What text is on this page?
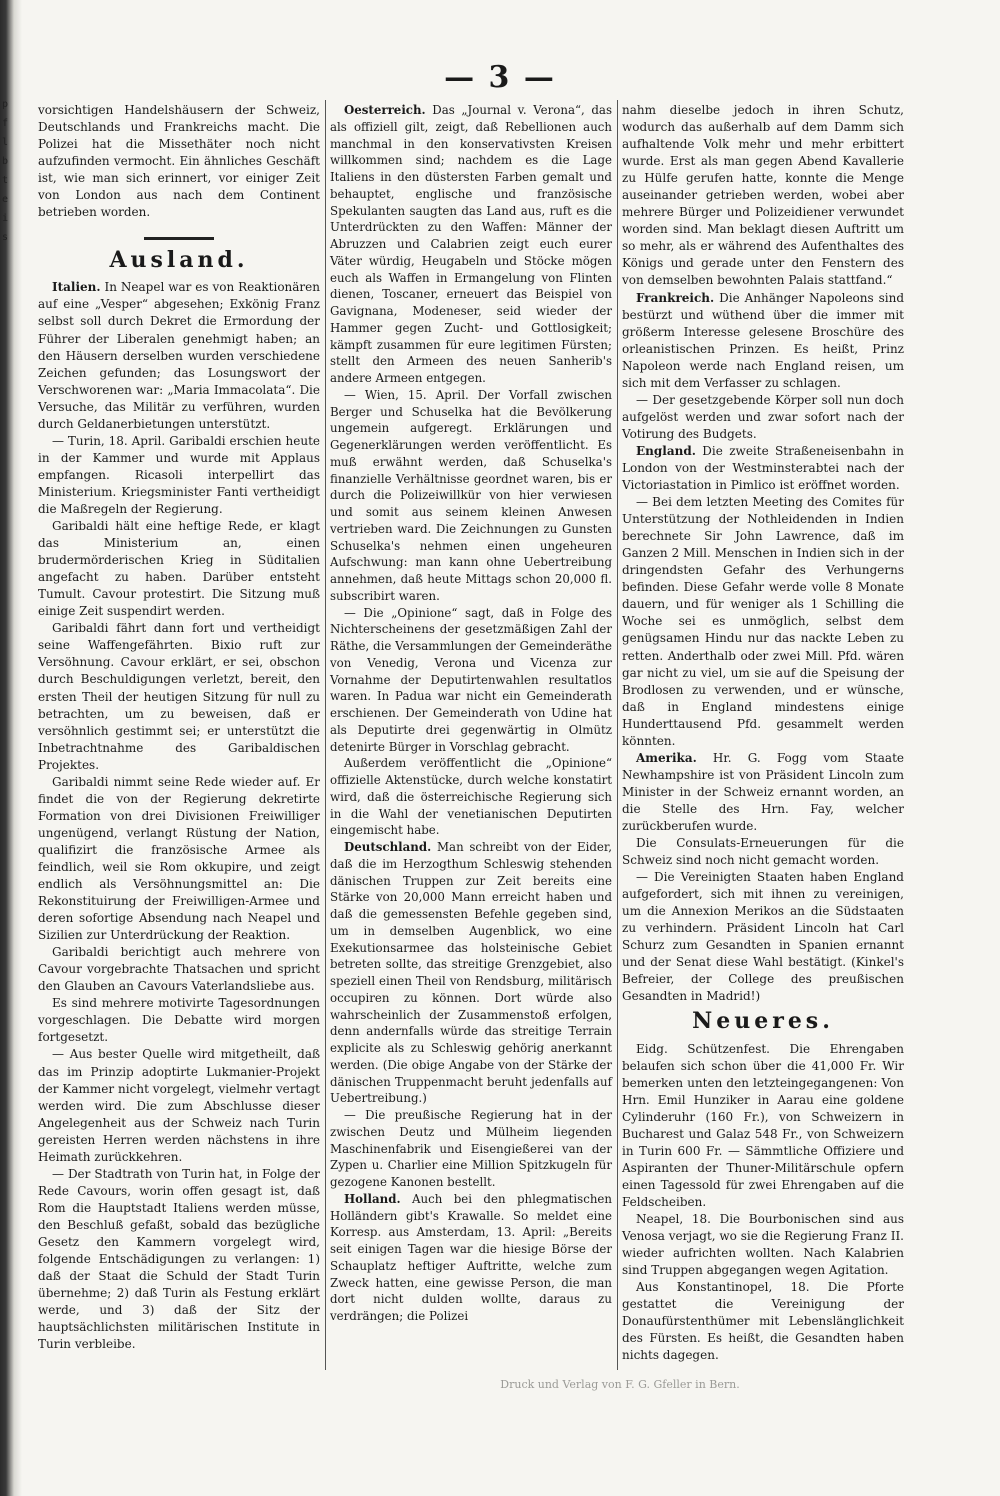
p f l b t e i s
— 3 —

vorsichtigen Handelshäusern der Schweiz, Deutschlands und Frankreichs macht. Die Polizei hat die Missethäter noch nicht aufzufinden vermocht. Ein ähnliches Geschäft ist, wie man sich erinnert, vor einiger Zeit von London aus nach dem Continent betrieben worden.

Ausland.

Italien. In Neapel war es von Reaktionären auf eine „Vesper“ abgesehen; Exkönig Franz selbst soll durch Dekret die Ermordung der Führer der Liberalen genehmigt haben; an den Häusern derselben wurden verschiedene Zeichen gefunden; das Losungswort der Verschworenen war: „Maria Immacolata“. Die Versuche, das Militär zu verführen, wurden durch Geldanerbietungen unterstützt.

— Turin, 18. April. Garibaldi erschien heute in der Kammer und wurde mit Applaus empfangen. Ricasoli interpellirt das Ministerium. Kriegsminister Fanti vertheidigt die Maßregeln der Regierung.

Garibaldi hält eine heftige Rede, er klagt das Ministerium an, einen brudermörderischen Krieg in Süditalien angefacht zu haben. Darüber entsteht Tumult. Cavour protestirt. Die Sitzung muß einige Zeit suspendirt werden.

Garibaldi fährt dann fort und vertheidigt seine Waffengefährten. Bixio ruft zur Versöhnung. Cavour erklärt, er sei, obschon durch Beschuldigungen verletzt, bereit, den ersten Theil der heutigen Sitzung für null zu betrachten, um zu beweisen, daß er versöhnlich gestimmt sei; er unterstützt die Inbetrachtnahme des Garibaldischen Projektes.

Garibaldi nimmt seine Rede wieder auf. Er findet die von der Regierung dekretirte Formation von drei Divisionen Freiwilliger ungenügend, verlangt Rüstung der Nation, qualifizirt die französische Armee als feindlich, weil sie Rom okkupire, und zeigt endlich als Versöhnungsmittel an: Die Rekonstituirung der Freiwilligen-Armee und deren sofortige Absendung nach Neapel und Sizilien zur Unterdrückung der Reaktion.

Garibaldi berichtigt auch mehrere von Cavour vorgebrachte Thatsachen und spricht den Glauben an Cavours Vaterlandsliebe aus.

Es sind mehrere motivirte Tagesordnungen vorgeschlagen. Die Debatte wird morgen fortgesetzt.

— Aus bester Quelle wird mitgetheilt, daß das im Prinzip adoptirte Lukmanier-Projekt der Kammer nicht vorgelegt, vielmehr vertagt werden wird. Die zum Abschlusse dieser Angelegenheit aus der Schweiz nach Turin gereisten Herren werden nächstens in ihre Heimath zurückkehren.

— Der Stadtrath von Turin hat, in Folge der Rede Cavours, worin offen gesagt ist, daß Rom die Hauptstadt Italiens werden müsse, den Beschluß gefaßt, sobald das bezügliche Gesetz den Kammern vorgelegt wird, folgende Entschädigungen zu verlangen: 1) daß der Staat die Schuld der Stadt Turin übernehme; 2) daß Turin als Festung erklärt werde, und 3) daß der Sitz der hauptsächlichsten militärischen Institute in Turin verbleibe.

Oesterreich. Das „Journal v. Verona“, das als offiziell gilt, zeigt, daß Rebellionen auch manchmal in den konservativsten Kreisen willkommen sind; nachdem es die Lage Italiens in den düstersten Farben gemalt und behauptet, englische und französische Spekulanten saugten das Land aus, ruft es die Unterdrückten zu den Waffen: Männer der Abruzzen und Calabrien zeigt euch eurer Väter würdig, Heugabeln und Stöcke mögen euch als Waffen in Ermangelung von Flinten dienen, Toscaner, erneuert das Beispiel von Gavignana, Modeneser, seid wieder der Hammer gegen Zucht- und Gottlosigkeit; kämpft zusammen für eure legitimen Fürsten; stellt den Armeen des neuen Sanherib's andere Armeen entgegen.

— Wien, 15. April. Der Vorfall zwischen Berger und Schuselka hat die Bevölkerung ungemein aufgeregt. Erklärungen und Gegenerklärungen werden veröffentlicht. Es muß erwähnt werden, daß Schuselka's finanzielle Verhältnisse geordnet waren, bis er durch die Polizeiwillkür von hier verwiesen und somit aus seinem kleinen Anwesen vertrieben ward. Die Zeichnungen zu Gunsten Schuselka's nehmen einen ungeheuren Aufschwung: man kann ohne Uebertreibung annehmen, daß heute Mittags schon 20,000 fl. subscribirt waren.

— Die „Opinione“ sagt, daß in Folge des Nichterscheinens der gesetzmäßigen Zahl der Räthe, die Versammlungen der Gemeinderäthe von Venedig, Verona und Vicenza zur Vornahme der Deputirtenwahlen resultatlos waren. In Padua war nicht ein Gemeinderath erschienen. Der Gemeinderath von Udine hat als Deputirte drei gegenwärtig in Olmütz detenirte Bürger in Vorschlag gebracht.

Außerdem veröffentlicht die „Opinione“ offizielle Aktenstücke, durch welche konstatirt wird, daß die österreichische Regierung sich in die Wahl der venetianischen Deputirten eingemischt habe.

Deutschland. Man schreibt von der Eider, daß die im Herzogthum Schleswig stehenden dänischen Truppen zur Zeit bereits eine Stärke von 20,000 Mann erreicht haben und daß die gemessensten Befehle gegeben sind, um in demselben Augenblick, wo eine Exekutionsarmee das holsteinische Gebiet betreten sollte, das streitige Grenzgebiet, also speziell einen Theil von Rendsburg, militärisch occupiren zu können. Dort würde also wahrscheinlich der Zusammenstoß erfolgen, denn andernfalls würde das streitige Terrain explicite als zu Schleswig gehörig anerkannt werden. (Die obige Angabe von der Stärke der dänischen Truppenmacht beruht jedenfalls auf Uebertreibung.)

— Die preußische Regierung hat in der zwischen Deutz und Mülheim liegenden Maschinenfabrik und Eisengießerei van der Zypen u. Charlier eine Million Spitzkugeln für gezogene Kanonen bestellt.

Holland. Auch bei den phlegmatischen Holländern gibt's Krawalle. So meldet eine Korresp. aus Amsterdam, 13. April: „Bereits seit einigen Tagen war die hiesige Börse der Schauplatz heftiger Auftritte, welche zum Zweck hatten, eine gewisse Person, die man dort nicht dulden wollte, daraus zu verdrängen; die Polizei

nahm dieselbe jedoch in ihren Schutz, wodurch das außerhalb auf dem Damm sich aufhaltende Volk mehr und mehr erbittert wurde. Erst als man gegen Abend Kavallerie zu Hülfe gerufen hatte, konnte die Menge auseinander getrieben werden, wobei aber mehrere Bürger und Polizeidiener verwundet worden sind. Man beklagt diesen Auftritt um so mehr, als er während des Aufenthaltes des Königs und gerade unter den Fenstern des von demselben bewohnten Palais stattfand.“

Frankreich. Die Anhänger Napoleons sind bestürzt und wüthend über die immer mit größerm Interesse gelesene Broschüre des orleanistischen Prinzen. Es heißt, Prinz Napoleon werde nach England reisen, um sich mit dem Verfasser zu schlagen.

— Der gesetzgebende Körper soll nun doch aufgelöst werden und zwar sofort nach der Votirung des Budgets.

England. Die zweite Straßeneisenbahn in London von der Westminsterabtei nach der Victoriastation in Pimlico ist eröffnet worden.

— Bei dem letzten Meeting des Comites für Unterstützung der Nothleidenden in Indien berechnete Sir John Lawrence, daß im Ganzen 2 Mill. Menschen in Indien sich in der dringendsten Gefahr des Verhungerns befinden. Diese Gefahr werde volle 8 Monate dauern, und für weniger als 1 Schilling die Woche sei es unmöglich, selbst dem genügsamen Hindu nur das nackte Leben zu retten. Anderthalb oder zwei Mill. Pfd. wären gar nicht zu viel, um sie auf die Speisung der Brodlosen zu verwenden, und er wünsche, daß in England mindestens einige Hunderttausend Pfd. gesammelt werden könnten.

Amerika. Hr. G. Fogg vom Staate Newhampshire ist von Präsident Lincoln zum Minister in der Schweiz ernannt worden, an die Stelle des Hrn. Fay, welcher zurückberufen wurde.

Die Consulats-Erneuerungen für die Schweiz sind noch nicht gemacht worden.

— Die Vereinigten Staaten haben England aufgefordert, sich mit ihnen zu vereinigen, um die Annexion Merikos an die Südstaaten zu verhindern. Präsident Lincoln hat Carl Schurz zum Gesandten in Spanien ernannt und der Senat diese Wahl bestätigt. (Kinkel's Befreier, der College des preußischen Gesandten in Madrid!)

Neueres.

Eidg. Schützenfest. Die Ehrengaben belaufen sich schon über die 41,000 Fr. Wir bemerken unten den letzteingegangenen: Von Hrn. Emil Hunziker in Aarau eine goldene Cylinderuhr (160 Fr.), von Schweizern in Bucharest und Galaz 548 Fr., von Schweizern in Turin 600 Fr. — Sämmtliche Offiziere und Aspiranten der Thuner-Militärschule opfern einen Tagessold für zwei Ehrengaben auf die Feldscheiben.

Neapel, 18. Die Bourbonischen sind aus Venosa verjagt, wo sie die Regierung Franz II. wieder aufrichten wollten. Nach Kalabrien sind Truppen abgegangen wegen Agitation.

Aus Konstantinopel, 18. Die Pforte gestattet die Vereinigung der Donaufürstenthümer mit Lebenslänglichkeit des Fürsten. Es heißt, die Gesandten haben nichts dagegen.

Druck und Verlag von F. G. Gfeller in Bern.
